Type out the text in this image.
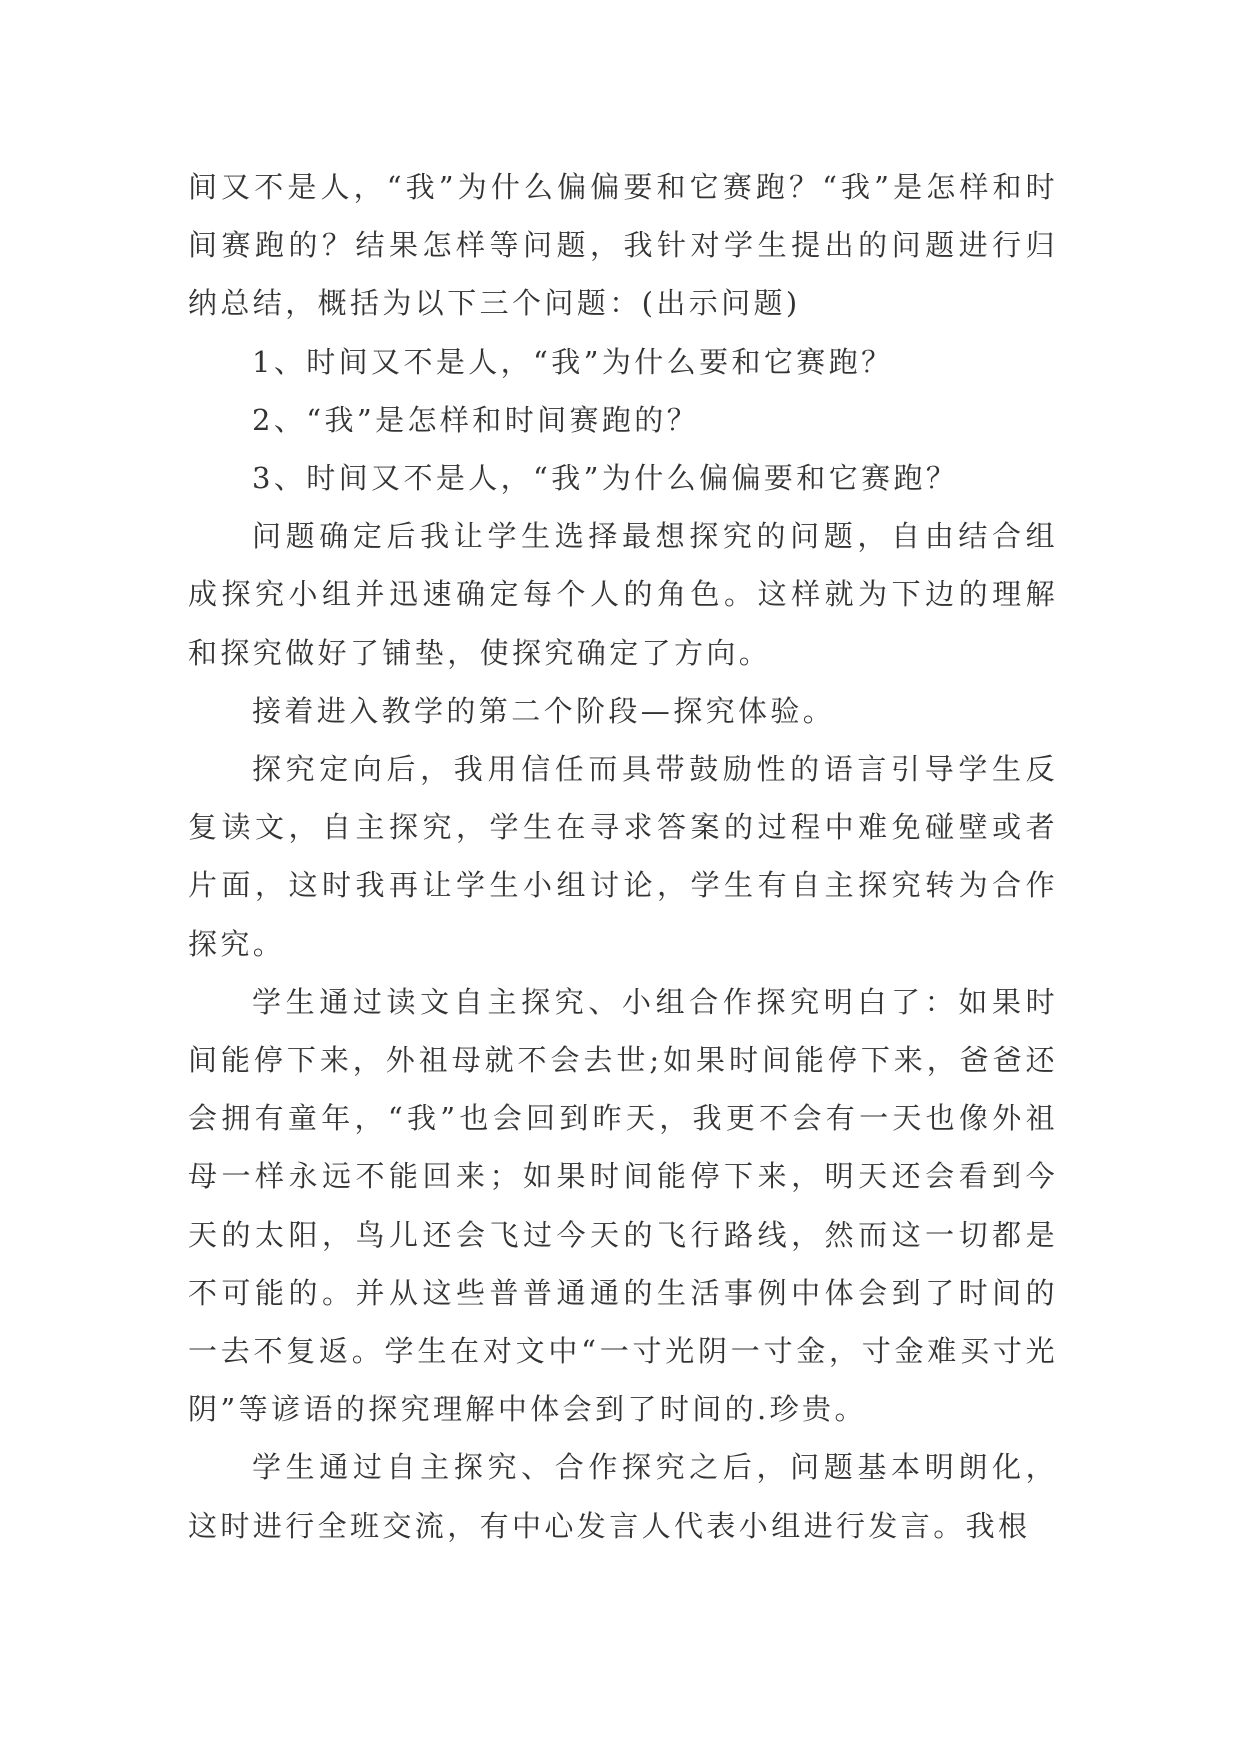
间又不是人，“我”为什么偏偏要和它赛跑？“我”是怎样和时间赛跑的？结果怎样等问题，我针对学生提出的问题进行归纳总结，概括为以下三个问题：(出示问题)

1、时间又不是人，“我”为什么要和它赛跑？

2、“我”是怎样和时间赛跑的？

3、时间又不是人，“我”为什么偏偏要和它赛跑？

问题确定后我让学生选择最想探究的问题，自由结合组成探究小组并迅速确定每个人的角色。这样就为下边的理解和探究做好了铺垫，使探究确定了方向。

接着进入教学的第二个阶段—探究体验。

探究定向后，我用信任而具带鼓励性的语言引导学生反复读文，自主探究，学生在寻求答案的过程中难免碰壁或者片面，这时我再让学生小组讨论，学生有自主探究转为合作探究。

学生通过读文自主探究、小组合作探究明白了：如果时间能停下来，外祖母就不会去世;如果时间能停下来，爸爸还会拥有童年，“我”也会回到昨天，我更不会有一天也像外祖母一样永远不能回来；如果时间能停下来，明天还会看到今天的太阳，鸟儿还会飞过今天的飞行路线，然而这一切都是不可能的。并从这些普普通通的生活事例中体会到了时间的一去不复返。学生在对文中“一寸光阴一寸金，寸金难买寸光阴”等谚语的探究理解中体会到了时间的.珍贵。

学生通过自主探究、合作探究之后，问题基本明朗化，这时进行全班交流，有中心发言人代表小组进行发言。我根
